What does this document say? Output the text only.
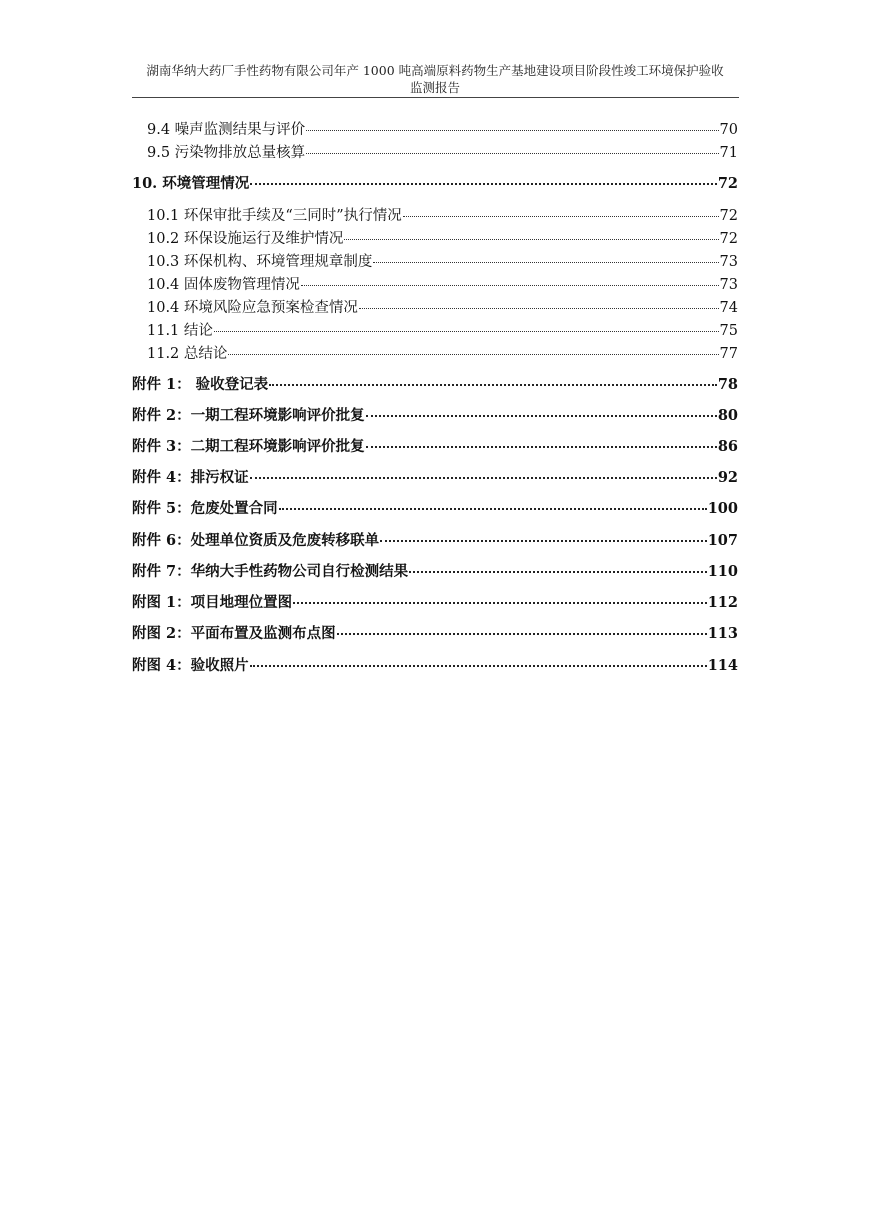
湖南华纳大药厂手性药物有限公司年产 1000 吨高端原料药物生产基地建设项目阶段性竣工环境保护验收
监测报告
9.4 噪声监测结果与评价	70
9.5 污染物排放总量核算	71
10. 环境管理情况	72
10.1 环保审批手续及“三同时”执行情况	72
10.2 环保设施运行及维护情况	72
10.3 环保机构、环境管理规章制度	73
10.4 固体废物管理情况	73
10.4 环境风险应急预案检查情况	74
11.1 结论	75
11.2 总结论	77
附件 1： 验收登记表	78
附件 2：一期工程环境影响评价批复	80
附件 3：二期工程环境影响评价批复	86
附件 4：排污权证	92
附件 5：危废处置合同	100
附件 6：处理单位资质及危废转移联单	107
附件 7：华纳大手性药物公司自行检测结果	110
附图 1：项目地理位置图	112
附图 2：平面布置及监测布点图	113
附图 4：验收照片	114
